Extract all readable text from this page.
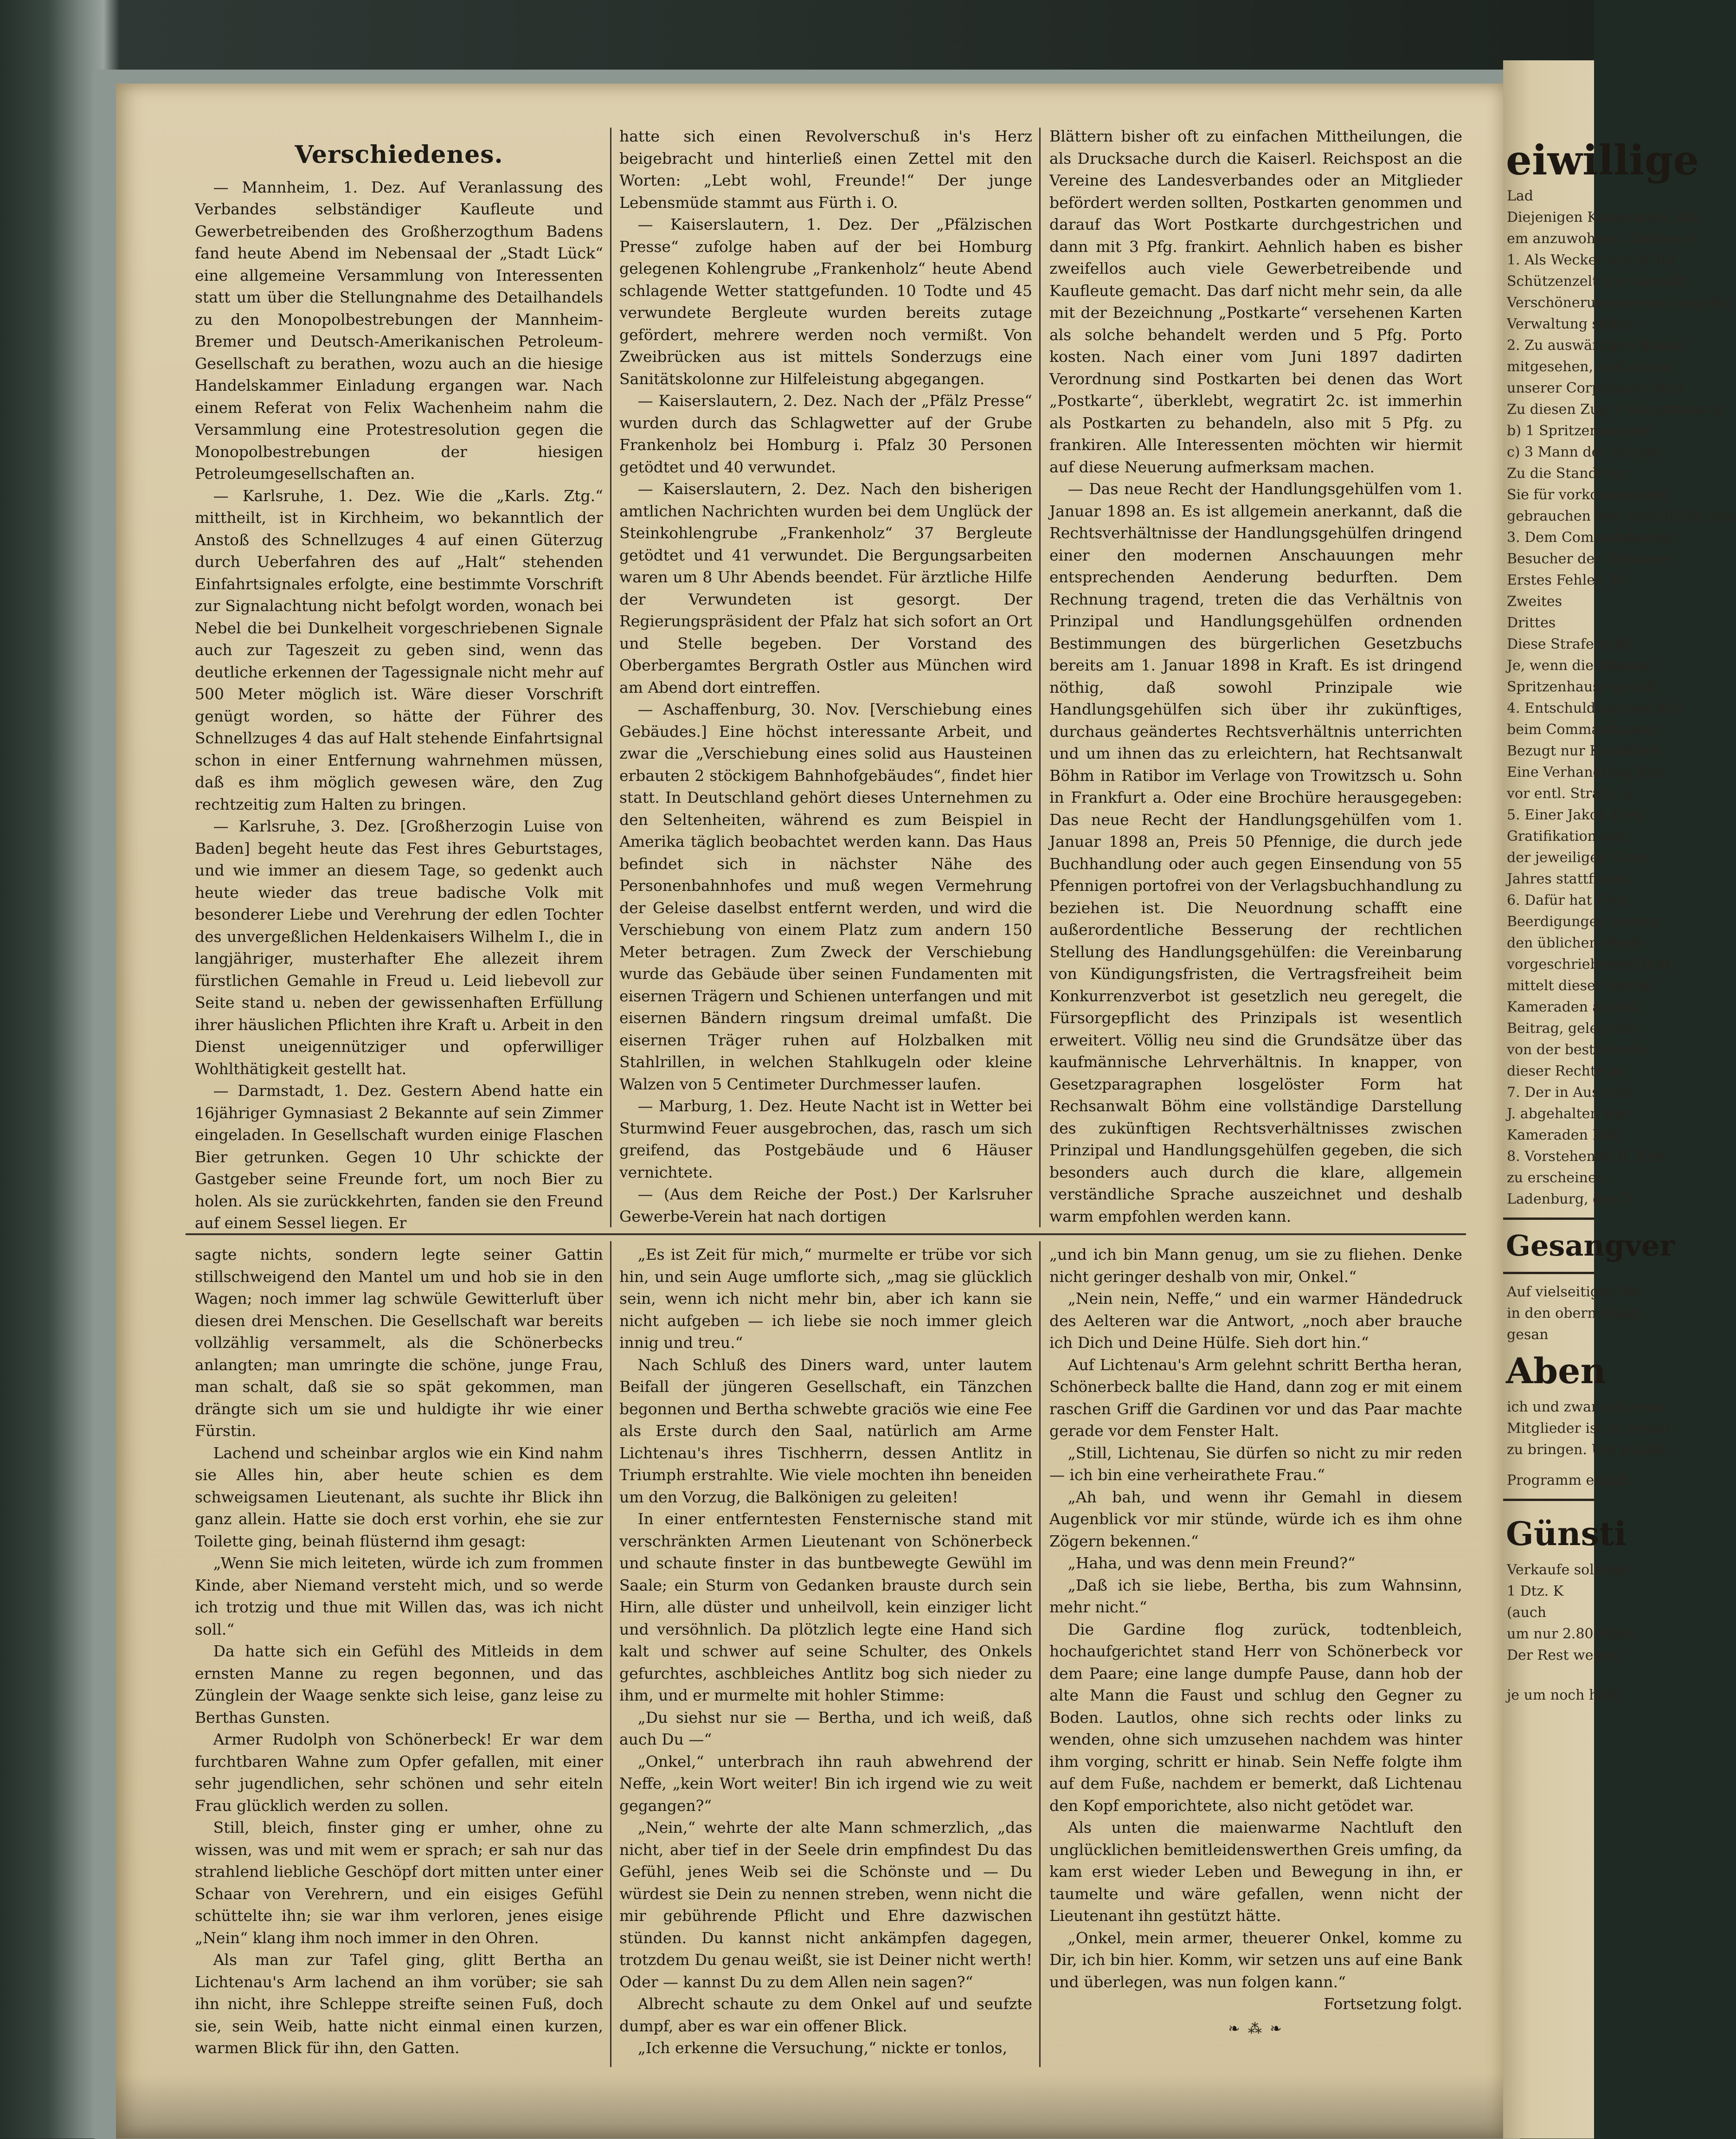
Verschiedenes.

— Mannheim, 1. Dez. Auf Veranlassung des Verbandes selbständiger Kaufleute und Gewerbetreibenden des Großherzogthum Badens fand heute Abend im Nebensaal der „Stadt Lück“ eine allgemeine Versammlung von Interessenten statt um über die Stellungnahme des Detailhandels zu den Monopolbestrebungen der Mannheim-Bremer und Deutsch-Amerikanischen Petroleum-Gesellschaft zu berathen, wozu auch an die hiesige Handelskammer Einladung ergangen war. Nach einem Referat von Felix Wachenheim nahm die Versammlung eine Protestresolution gegen die Monopolbestrebungen der hiesigen Petroleumgesellschaften an.

— Karlsruhe, 1. Dez. Wie die „Karls. Ztg.“ mittheilt, ist in Kirchheim, wo bekanntlich der Anstoß des Schnellzuges 4 auf einen Güterzug durch Ueberfahren des auf „Halt“ stehenden Einfahrtsignales erfolgte, eine bestimmte Vorschrift zur Signalachtung nicht befolgt worden, wonach bei Nebel die bei Dunkelheit vorgeschriebenen Signale auch zur Tageszeit zu geben sind, wenn das deutliche erkennen der Tagessignale nicht mehr auf 500 Meter möglich ist. Wäre dieser Vorschrift genügt worden, so hätte der Führer des Schnellzuges 4 das auf Halt stehende Einfahrtsignal schon in einer Entfernung wahrnehmen müssen, daß es ihm möglich gewesen wäre, den Zug rechtzeitig zum Halten zu bringen.

— Karlsruhe, 3. Dez. [Großherzogin Luise von Baden] begeht heute das Fest ihres Geburtstages, und wie immer an diesem Tage, so gedenkt auch heute wieder das treue badische Volk mit besonderer Liebe und Verehrung der edlen Tochter des unvergeßlichen Heldenkaisers Wilhelm I., die in langjähriger, musterhafter Ehe allezeit ihrem fürstlichen Gemahle in Freud u. Leid liebevoll zur Seite stand u. neben der gewissenhaften Erfüllung ihrer häuslichen Pflichten ihre Kraft u. Arbeit in den Dienst uneigennütziger und opferwilliger Wohlthätigkeit gestellt hat.

— Darmstadt, 1. Dez. Gestern Abend hatte ein 16jähriger Gymnasiast 2 Bekannte auf sein Zimmer eingeladen. In Gesellschaft wurden einige Flaschen Bier getrunken. Gegen 10 Uhr schickte der Gastgeber seine Freunde fort, um noch Bier zu holen. Als sie zurückkehrten, fanden sie den Freund auf einem Sessel liegen. Er

hatte sich einen Revolverschuß in's Herz beigebracht und hinterließ einen Zettel mit den Worten: „Lebt wohl, Freunde!“ Der junge Lebensmüde stammt aus Fürth i. O.

— Kaiserslautern, 1. Dez. Der „Pfälzischen Presse“ zufolge haben auf der bei Homburg gelegenen Kohlengrube „Frankenholz“ heute Abend schlagende Wetter stattgefunden. 10 Todte und 45 verwundete Bergleute wurden bereits zutage gefördert, mehrere werden noch vermißt. Von Zweibrücken aus ist mittels Sonderzugs eine Sanitätskolonne zur Hilfeleistung abgegangen.

— Kaiserslautern, 2. Dez. Nach der „Pfälz Presse“ wurden durch das Schlagwetter auf der Grube Frankenholz bei Homburg i. Pfalz 30 Personen getödtet und 40 verwundet.

— Kaiserslautern, 2. Dez. Nach den bisherigen amtlichen Nachrichten wurden bei dem Unglück der Steinkohlengrube „Frankenholz“ 37 Bergleute getödtet und 41 verwundet. Die Bergungsarbeiten waren um 8 Uhr Abends beendet. Für ärztliche Hilfe der Verwundeten ist gesorgt. Der Regierungspräsident der Pfalz hat sich sofort an Ort und Stelle begeben. Der Vorstand des Oberbergamtes Bergrath Ostler aus München wird am Abend dort eintreffen.

— Aschaffenburg, 30. Nov. [Verschiebung eines Gebäudes.] Eine höchst interessante Arbeit, und zwar die „Verschiebung eines solid aus Hausteinen erbauten 2 stöckigem Bahnhofgebäudes“, findet hier statt. In Deutschland gehört dieses Unternehmen zu den Seltenheiten, während es zum Beispiel in Amerika täglich beobachtet werden kann. Das Haus befindet sich in nächster Nähe des Personenbahnhofes und muß wegen Vermehrung der Geleise daselbst entfernt werden, und wird die Verschiebung von einem Platz zum andern 150 Meter betragen. Zum Zweck der Verschiebung wurde das Gebäude über seinen Fundamenten mit eisernen Trägern und Schienen unterfangen und mit eisernen Bändern ringsum dreimal umfaßt. Die eisernen Träger ruhen auf Holzbalken mit Stahlrillen, in welchen Stahlkugeln oder kleine Walzen von 5 Centimeter Durchmesser laufen.

— Marburg, 1. Dez. Heute Nacht ist in Wetter bei Sturmwind Feuer ausgebrochen, das, rasch um sich greifend, das Postgebäude und 6 Häuser vernichtete.

— (Aus dem Reiche der Post.) Der Karlsruher Gewerbe-Verein hat nach dortigen

Blättern bisher oft zu einfachen Mittheilungen, die als Drucksache durch die Kaiserl. Reichspost an die Vereine des Landesverbandes oder an Mitglieder befördert werden sollten, Postkarten genommen und darauf das Wort Postkarte durchgestrichen und dann mit 3 Pfg. frankirt. Aehnlich haben es bisher zweifellos auch viele Gewerbetreibende und Kaufleute gemacht. Das darf nicht mehr sein, da alle mit der Bezeichnung „Postkarte“ versehenen Karten als solche behandelt werden und 5 Pfg. Porto kosten. Nach einer vom Juni 1897 dadirten Verordnung sind Postkarten bei denen das Wort „Postkarte“, überklebt, wegratirt 2c. ist immerhin als Postkarten zu behandeln, also mit 5 Pfg. zu frankiren. Alle Interessenten möchten wir hiermit auf diese Neuerung aufmerksam machen.

— Das neue Recht der Handlungsgehülfen vom 1. Januar 1898 an. Es ist allgemein anerkannt, daß die Rechtsverhältnisse der Handlungsgehülfen dringend einer den modernen Anschauungen mehr entsprechenden Aenderung bedurften. Dem Rechnung tragend, treten die das Verhältnis von Prinzipal und Handlungsgehülfen ordnenden Bestimmungen des bürgerlichen Gesetzbuchs bereits am 1. Januar 1898 in Kraft. Es ist dringend nöthig, daß sowohl Prinzipale wie Handlungsgehülfen sich über ihr zukünftiges, durchaus geändertes Rechtsverhältnis unterrichten und um ihnen das zu erleichtern, hat Rechtsanwalt Böhm in Ratibor im Verlage von Trowitzsch u. Sohn in Frankfurt a. Oder eine Brochüre herausgegeben: Das neue Recht der Handlungsgehülfen vom 1. Januar 1898 an, Preis 50 Pfennige, die durch jede Buchhandlung oder auch gegen Einsendung von 55 Pfennigen portofrei von der Verlagsbuchhandlung zu beziehen ist. Die Neuordnung schafft eine außerordentliche Besserung der rechtlichen Stellung des Handlungsgehülfen: die Vereinbarung von Kündigungsfristen, die Vertragsfreiheit beim Konkurrenzverbot ist gesetzlich neu geregelt, die Fürsorgepflicht des Prinzipals ist wesentlich erweitert. Völlig neu sind die Grundsätze über das kaufmännische Lehrverhältnis. In knapper, von Gesetzparagraphen losgelöster Form hat Rechsanwalt Böhm eine vollständige Darstellung des zukünftigen Rechtsverhältnisses zwischen Prinzipal und Handlungsgehülfen gegeben, die sich besonders auch durch die klare, allgemein verständliche Sprache auszeichnet und deshalb warm empfohlen werden kann.

sagte nichts, sondern legte seiner Gattin stillschweigend den Mantel um und hob sie in den Wagen; noch immer lag schwüle Gewitterluft über diesen drei Menschen. Die Gesellschaft war bereits vollzählig versammelt, als die Schönerbecks anlangten; man umringte die schöne, junge Frau, man schalt, daß sie so spät gekommen, man drängte sich um sie und huldigte ihr wie einer Fürstin.

Lachend und scheinbar arglos wie ein Kind nahm sie Alles hin, aber heute schien es dem schweigsamen Lieutenant, als suchte ihr Blick ihn ganz allein. Hatte sie doch erst vorhin, ehe sie zur Toilette ging, beinah flüsternd ihm gesagt:

„Wenn Sie mich leiteten, würde ich zum frommen Kinde, aber Niemand versteht mich, und so werde ich trotzig und thue mit Willen das, was ich nicht soll.“

Da hatte sich ein Gefühl des Mitleids in dem ernsten Manne zu regen begonnen, und das Zünglein der Waage senkte sich leise, ganz leise zu Berthas Gunsten.

Armer Rudolph von Schönerbeck! Er war dem furchtbaren Wahne zum Opfer gefallen, mit einer sehr jugendlichen, sehr schönen und sehr eiteln Frau glücklich werden zu sollen.

Still, bleich, finster ging er umher, ohne zu wissen, was und mit wem er sprach; er sah nur das strahlend liebliche Geschöpf dort mitten unter einer Schaar von Verehrern, und ein eisiges Gefühl schüttelte ihn; sie war ihm verloren, jenes eisige „Nein“ klang ihm noch immer in den Ohren.

Als man zur Tafel ging, glitt Bertha an Lichtenau's Arm lachend an ihm vorüber; sie sah ihn nicht, ihre Schleppe streifte seinen Fuß, doch sie, sein Weib, hatte nicht einmal einen kurzen, warmen Blick für ihn, den Gatten.

„Es ist Zeit für mich,“ murmelte er trübe vor sich hin, und sein Auge umflorte sich, „mag sie glücklich sein, wenn ich nicht mehr bin, aber ich kann sie nicht aufgeben — ich liebe sie noch immer gleich innig und treu.“

Nach Schluß des Diners ward, unter lautem Beifall der jüngeren Gesellschaft, ein Tänzchen begonnen und Bertha schwebte graciös wie eine Fee als Erste durch den Saal, natürlich am Arme Lichtenau's ihres Tischherrn, dessen Antlitz in Triumph erstrahlte. Wie viele mochten ihn beneiden um den Vorzug, die Balkönigen zu geleiten!

In einer entferntesten Fensternische stand mit verschränkten Armen Lieutenant von Schönerbeck und schaute finster in das buntbewegte Gewühl im Saale; ein Sturm von Gedanken brauste durch sein Hirn, alle düster und unheilvoll, kein einziger licht und versöhnlich. Da plötzlich legte eine Hand sich kalt und schwer auf seine Schulter, des Onkels gefurchtes, aschbleiches Antlitz bog sich nieder zu ihm, und er murmelte mit hohler Stimme:

„Du siehst nur sie — Bertha, und ich weiß, daß auch Du —“

„Onkel,“ unterbrach ihn rauh abwehrend der Neffe, „kein Wort weiter! Bin ich irgend wie zu weit gegangen?“

„Nein,“ wehrte der alte Mann schmerzlich, „das nicht, aber tief in der Seele drin empfindest Du das Gefühl, jenes Weib sei die Schönste und — Du würdest sie Dein zu nennen streben, wenn nicht die mir gebührende Pflicht und Ehre dazwischen stünden. Du kannst nicht ankämpfen dagegen, trotzdem Du genau weißt, sie ist Deiner nicht werth! Oder — kannst Du zu dem Allen nein sagen?“

Albrecht schaute zu dem Onkel auf und seufzte dumpf, aber es war ein offener Blick.

„Ich erkenne die Versuchung,“ nickte er tonlos,

„und ich bin Mann genug, um sie zu fliehen. Denke nicht geringer deshalb von mir, Onkel.“

„Nein nein, Neffe,“ und ein warmer Händedruck des Aelteren war die Antwort, „noch aber brauche ich Dich und Deine Hülfe. Sieh dort hin.“

Auf Lichtenau's Arm gelehnt schritt Bertha heran, Schönerbeck ballte die Hand, dann zog er mit einem raschen Griff die Gardinen vor und das Paar machte gerade vor dem Fenster Halt.

„Still, Lichtenau, Sie dürfen so nicht zu mir reden — ich bin eine verheirathete Frau.“

„Ah bah, und wenn ihr Gemahl in diesem Augenblick vor mir stünde, würde ich es ihm ohne Zögern bekennen.“

„Haha, und was denn mein Freund?“

„Daß ich sie liebe, Bertha, bis zum Wahnsinn, mehr nicht.“

Die Gardine flog zurück, todtenbleich, hochaufgerichtet stand Herr von Schönerbeck vor dem Paare; eine lange dumpfe Pause, dann hob der alte Mann die Faust und schlug den Gegner zu Boden. Lautlos, ohne sich rechts oder links zu wenden, ohne sich umzusehen nachdem was hinter ihm vorging, schritt er hinab. Sein Neffe folgte ihm auf dem Fuße, nachdem er bemerkt, daß Lichtenau den Kopf emporichtete, also nicht getödet war.

Als unten die maienwarme Nachtluft den unglücklichen bemitleidenswerthen Greis umfing, da kam erst wieder Leben und Bewegung in ihn, er taumelte und wäre gefallen, wenn nicht der Lieutenant ihn gestützt hätte.

„Onkel, mein armer, theuerer Onkel, komme zu Dir, ich bin hier. Komm, wir setzen uns auf eine Bank und überlegen, was nun folgen kann.“

Fortsetzung folgt.

❧ ⁂ ❧
eiwillige
Lad
Diejenigen Kameraden, die
em anzuwohnen, theilen w
1. Als Wecker wurde für
Schützenzelt hier bestellt
Verschönerungsvereins angeleg
Verwaltung selbst.
2. Zu auswärtigen Bränd
mitgesehen, und davon
unserer Corpskasse beza
Zu diesen Zug 1 Hauptmann a
b) 1 Spritzenmeister
c) 3 Mann der Steiger
Zu die Standrohr
Sie für vorkommenden
gebrauchen hier anschließt, hau
3. Dem Commandanten
Besucher der Uebunge
Erstes Fehlen 30
Zweites
Drittes
Diese Strafe trifft
Je, wenn die Mannsc
Spritzenhause gehölt
4. Entschuldigungen kön
beim Commandanten
Bezugt nur Krankheit
Eine Verhandlung fürs
vor entl. Strafe, a
5. Einer Jakob Frey
Gratifikation von
der jeweiligen Gene
Jahres stattfindet.
6. Dafür hat Frey
Beerdigungen verstor
den üblichen Sterb
vorgeschriebener Quitt
mittelt dieser Sterbe
Kameraden abgefü
Beitrag, gelegentli
von der bestehende
dieser Rechte an
7. Der in Aussicht
J. abgehalten wer
Kameraden Böß
8. Vorstehende B. Kan
zu erscheinen.
Ladenburg, den 3.
Gesangver
Auf vielseitiges Ver
in den obern Räum
gesan
Aben
ich und zwar mit erwe
Mitglieder ist es gestat
zu bringen. Um pünktl
Programm erhält
Günsti
Verkaufe solange
1 Dtz. K
(auch
um nur 2.80 Mark
Der Rest wegen
je um noch halb
